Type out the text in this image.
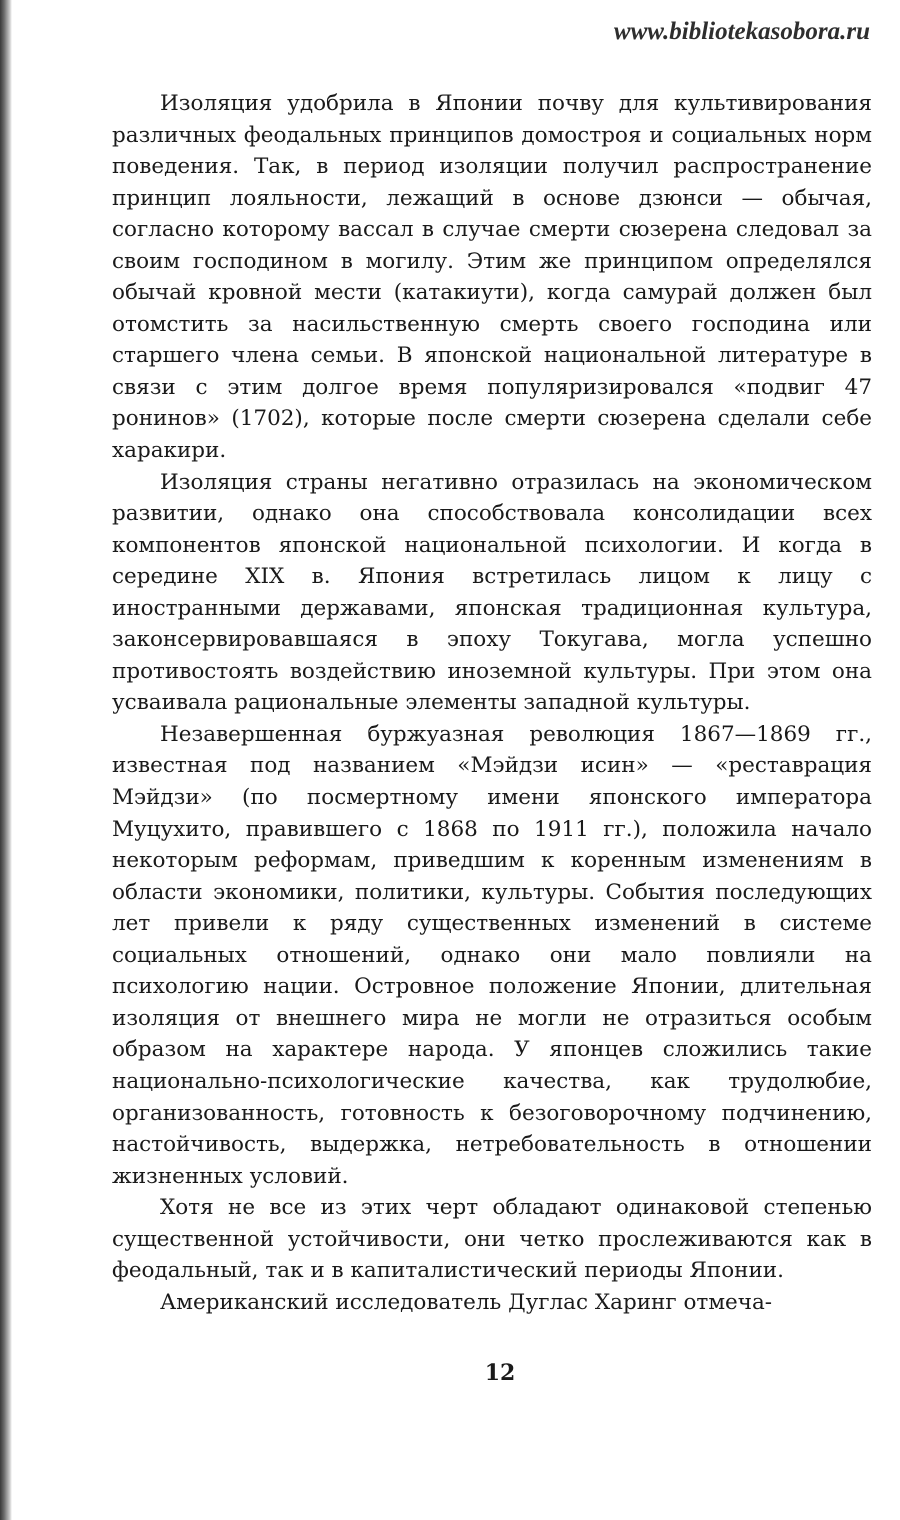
www.bibliotekasobora.ru

Изоляция удобрила в Японии почву для культивирования различных феодальных принципов домостроя и социальных норм поведения. Так, в период изоляции получил распространение принцип лояльности, лежащий в основе дзюнси — обычая, согласно которому вассал в случае смерти сюзерена следовал за своим господином в могилу. Этим же принципом определялся обычай кровной мести (катакиути), когда самурай должен был отомстить за насильственную смерть своего господина или старшего члена семьи. В японской национальной литературе в связи с этим долгое время популяризировался «подвиг 47 ронинов» (1702), которые после смерти сюзерена сделали себе харакири.

Изоляция страны негативно отразилась на экономическом развитии, однако она способствовала консолидации всех компонентов японской национальной психологии. И когда в середине XIX в. Япония встретилась лицом к лицу с иностранными державами, японская традиционная культура, законсервировавшаяся в эпоху Токугава, могла успешно противостоять воздействию иноземной культуры. При этом она усваивала рациональные элементы западной культуры.

Незавершенная буржуазная революция 1867—1869 гг., известная под названием «Мэйдзи исин» — «реставрация Мэйдзи» (по посмертному имени японского императора Муцухито, правившего с 1868 по 1911 гг.), положила начало некоторым реформам, приведшим к коренным изменениям в области экономики, политики, культуры. События последующих лет привели к ряду существенных изменений в системе социальных отношений, однако они мало повлияли на психологию нации. Островное положение Японии, длительная изоляция от внешнего мира не могли не отразиться особым образом на характере народа. У японцев сложились такие национально-психологические качества, как трудолюбие, организованность, готовность к безоговорочному подчинению, настойчивость, выдержка, нетребовательность в отношении жизненных условий.

Хотя не все из этих черт обладают одинаковой степенью существенной устойчивости, они четко прослеживаются как в феодальный, так и в капиталистический периоды Японии.

Американский исследователь Дуглас Харинг отмеча-

12
